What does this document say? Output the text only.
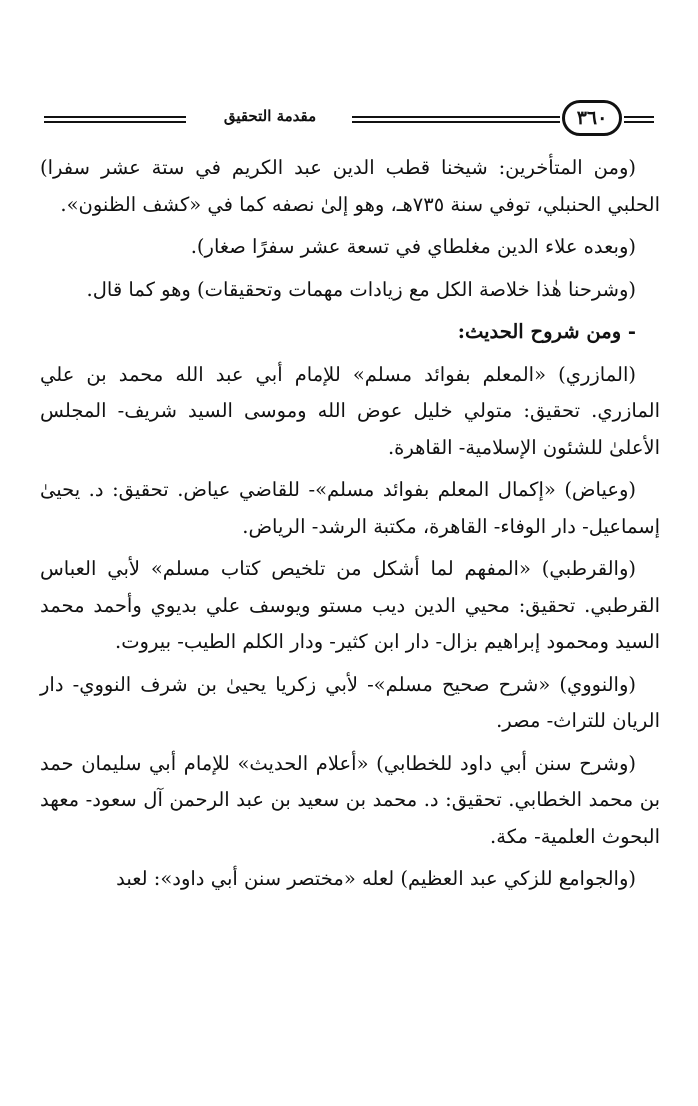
مقدمة التحقيق	٣٦٠

(ومن المتأخرين: شيخنا قطب الدين عبد الكريم في ستة عشر سفرا) الحلبي الحنبلي، توفي سنة ٧٣٥هـ، وهو إلىٰ نصفه كما في «كشف الظنون».

(وبعده علاء الدين مغلطاي في تسعة عشر سفرًا صغار).

(وشرحنا هٰذا خلاصة الكل مع زيادات مهمات وتحقيقات) وهو كما قال.

- ومن شروح الحديث:

(المازري) «المعلم بفوائد مسلم» للإمام أبي عبد الله محمد بن علي المازري. تحقيق: متولي خليل عوض الله وموسى السيد شريف- المجلس الأعلىٰ للشئون الإسلامية- القاهرة.

(وعياض) «إكمال المعلم بفوائد مسلم»- للقاضي عياض. تحقيق: د. يحيىٰ إسماعيل- دار الوفاء- القاهرة، مكتبة الرشد- الرياض.

(والقرطبي) «المفهم لما أشكل من تلخيص كتاب مسلم» لأبي العباس القرطبي. تحقيق: محيي الدين ديب مستو ويوسف علي بديوي وأحمد محمد السيد ومحمود إبراهيم بزال- دار ابن كثير- ودار الكلم الطيب- بيروت.

(والنووي) «شرح صحيح مسلم»- لأبي زكريا يحيىٰ بن شرف النووي- دار الريان للتراث- مصر.

(وشرح سنن أبي داود للخطابي) «أعلام الحديث» للإمام أبي سليمان حمد بن محمد الخطابي. تحقيق: د. محمد بن سعيد بن عبد الرحمن آل سعود- معهد البحوث العلمية- مكة.

(والجوامع للزكي عبد العظيم) لعله «مختصر سنن أبي داود»: لعبد
